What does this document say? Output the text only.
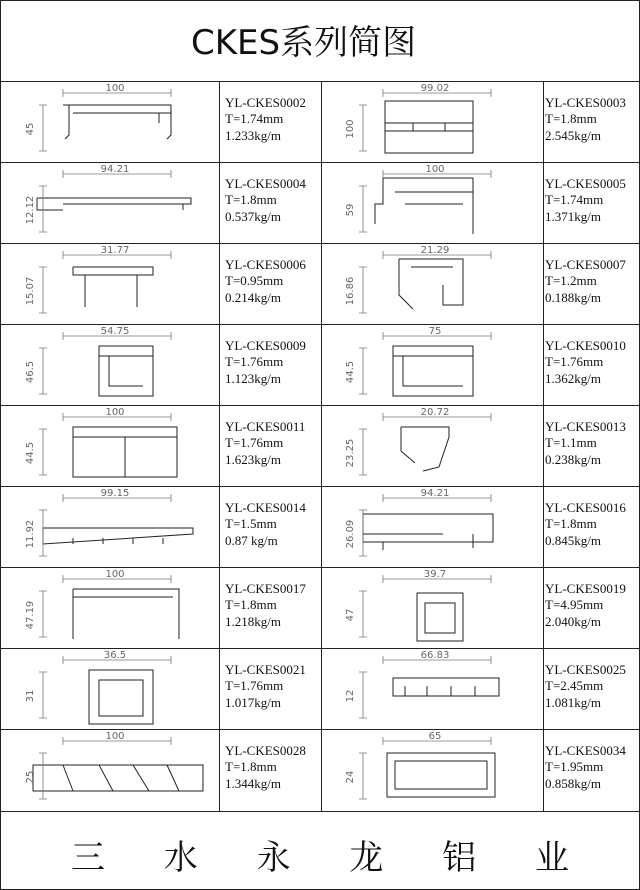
CKES系列简图
100
45
YL-CKES0002
T=1.74mm
1.233kg/m
99.02
100
YL-CKES0003
T=1.8mm
2.545kg/m
94.21
12.12
YL-CKES0004
T=1.8mm
0.537kg/m
100
59
YL-CKES0005
T=1.74mm
1.371kg/m
31.77
15.07
YL-CKES0006
T=0.95mm
0.214kg/m
21.29
16.86
YL-CKES0007
T=1.2mm
0.188kg/m
54.75
46.5
YL-CKES0009
T=1.76mm
1.123kg/m
75
44.5
YL-CKES0010
T=1.76mm
1.362kg/m
100
44.5
YL-CKES0011
T=1.76mm
1.623kg/m
20.72
23.25
YL-CKES0013
T=1.1mm
0.238kg/m
99.15
11.92
YL-CKES0014
T=1.5mm
0.87 kg/m
94.21
26.09
YL-CKES0016
T=1.8mm
0.845kg/m
100
47.19
YL-CKES0017
T=1.8mm
1.218kg/m
39.7
47
YL-CKES0019
T=4.95mm
2.040kg/m
36.5
31
YL-CKES0021
T=1.76mm
1.017kg/m
66.83
12
YL-CKES0025
T=2.45mm
1.081kg/m
100
25
YL-CKES0028
T=1.8mm
1.344kg/m
65
24
YL-CKES0034
T=1.95mm
0.858kg/m
三 水 永 龙 铝 业
